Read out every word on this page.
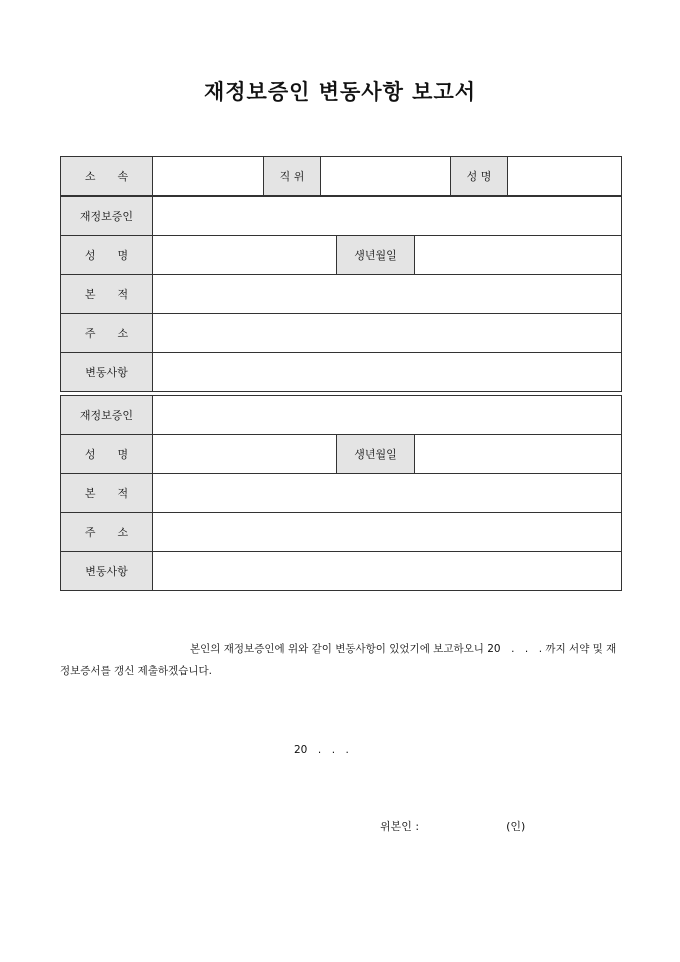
재정보증인 변동사항 보고서
소　　속		직 위		성 명	
재정보증인			
성　　명		생년월일	
본　　적			
주　　소			
변동사항			
재정보증인			
성　　명		생년월일	
본　　적			
주　　소			
변동사항			

본인의 재정보증인에 위와 같이 변동사항이 있었기에 보고하오니 20　.　.　. 까지 서약 및 재정보증서를 갱신 제출하겠습니다.

20　.　.　.
위본인 :	(인)
